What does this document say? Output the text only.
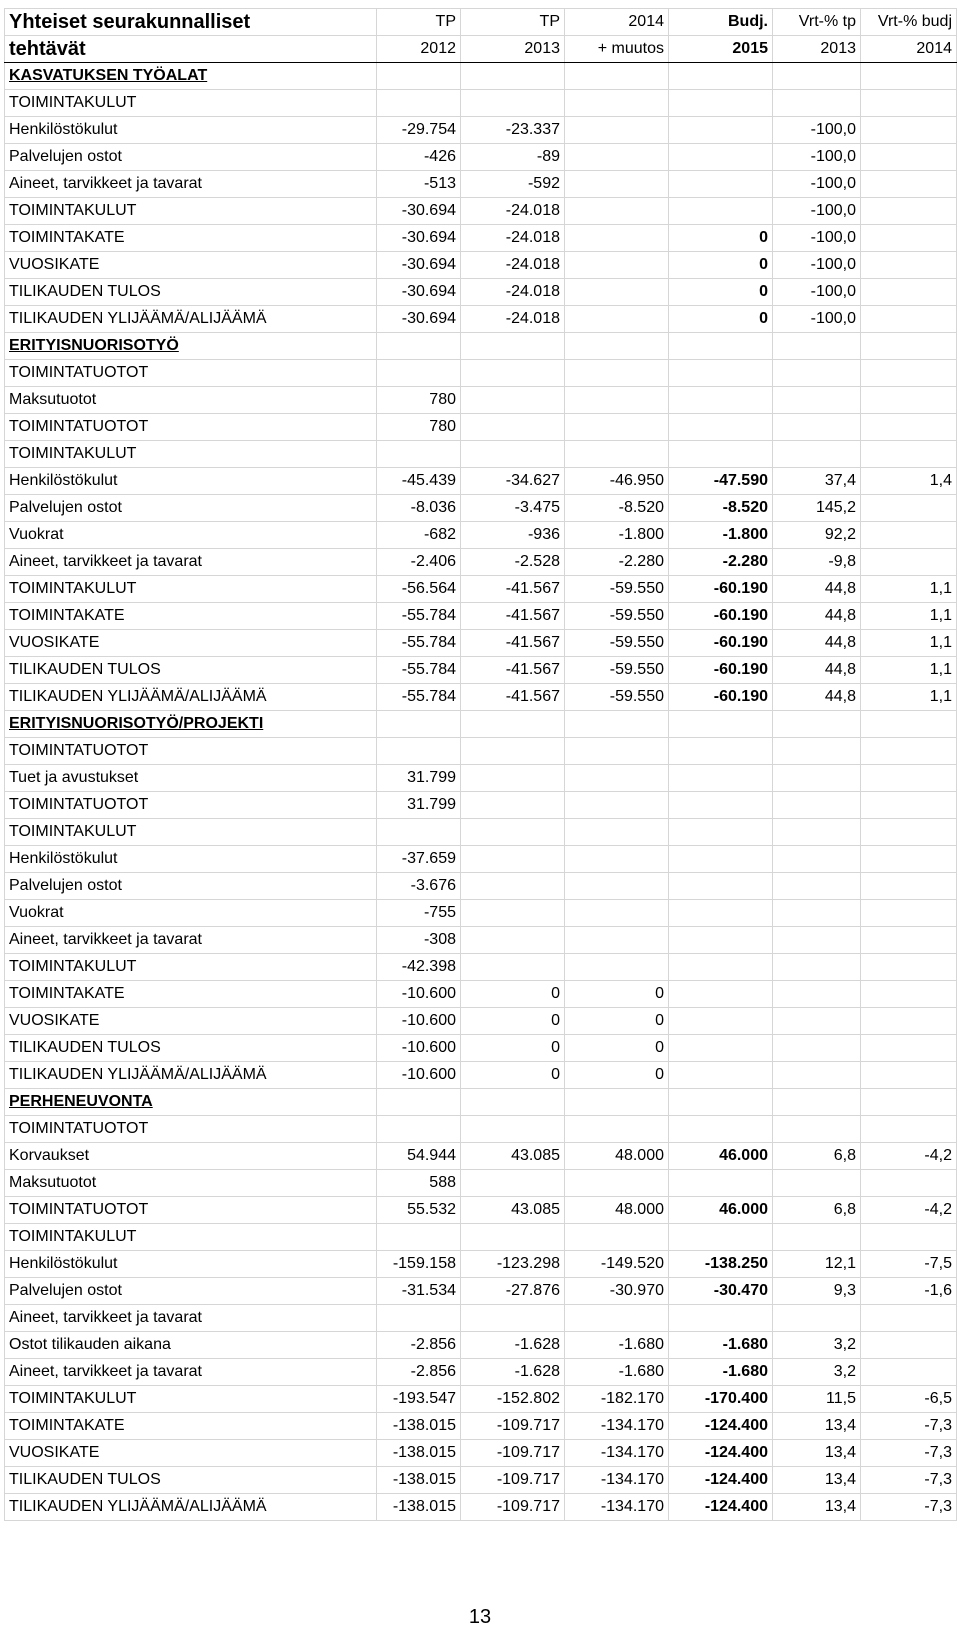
Yhteiset seurakunnalliset	TP	TP	2014	Budj.	Vrt-% tp	Vrt-% budj
tehtävät	2012	2013	+ muutos	2015	2013	2014
KASVATUKSEN TYÖALAT						
TOIMINTAKULUT						
Henkilöstökulut	-29.754	-23.337			-100,0	
Palvelujen ostot	-426	-89			-100,0	
Aineet, tarvikkeet ja tavarat	-513	-592			-100,0	
TOIMINTAKULUT	-30.694	-24.018			-100,0	
TOIMINTAKATE	-30.694	-24.018		0	-100,0	
VUOSIKATE	-30.694	-24.018		0	-100,0	
TILIKAUDEN TULOS	-30.694	-24.018		0	-100,0	
TILIKAUDEN YLIJÄÄMÄ/ALIJÄÄMÄ	-30.694	-24.018		0	-100,0	
ERITYISNUORISOTYÖ						
TOIMINTATUOTOT						
Maksutuotot	780					
TOIMINTATUOTOT	780					
TOIMINTAKULUT						
Henkilöstökulut	-45.439	-34.627	-46.950	-47.590	37,4	1,4
Palvelujen ostot	-8.036	-3.475	-8.520	-8.520	145,2	
Vuokrat	-682	-936	-1.800	-1.800	92,2	
Aineet, tarvikkeet ja tavarat	-2.406	-2.528	-2.280	-2.280	-9,8	
TOIMINTAKULUT	-56.564	-41.567	-59.550	-60.190	44,8	1,1
TOIMINTAKATE	-55.784	-41.567	-59.550	-60.190	44,8	1,1
VUOSIKATE	-55.784	-41.567	-59.550	-60.190	44,8	1,1
TILIKAUDEN TULOS	-55.784	-41.567	-59.550	-60.190	44,8	1,1
TILIKAUDEN YLIJÄÄMÄ/ALIJÄÄMÄ	-55.784	-41.567	-59.550	-60.190	44,8	1,1
ERITYISNUORISOTYÖ/PROJEKTI						
TOIMINTATUOTOT						
Tuet ja avustukset	31.799					
TOIMINTATUOTOT	31.799					
TOIMINTAKULUT						
Henkilöstökulut	-37.659					
Palvelujen ostot	-3.676					
Vuokrat	-755					
Aineet, tarvikkeet ja tavarat	-308					
TOIMINTAKULUT	-42.398					
TOIMINTAKATE	-10.600	0	0			
VUOSIKATE	-10.600	0	0			
TILIKAUDEN TULOS	-10.600	0	0			
TILIKAUDEN YLIJÄÄMÄ/ALIJÄÄMÄ	-10.600	0	0			
PERHENEUVONTA						
TOIMINTATUOTOT						
Korvaukset	54.944	43.085	48.000	46.000	6,8	-4,2
Maksutuotot	588					
TOIMINTATUOTOT	55.532	43.085	48.000	46.000	6,8	-4,2
TOIMINTAKULUT						
Henkilöstökulut	-159.158	-123.298	-149.520	-138.250	12,1	-7,5
Palvelujen ostot	-31.534	-27.876	-30.970	-30.470	9,3	-1,6
Aineet, tarvikkeet ja tavarat						
Ostot tilikauden aikana	-2.856	-1.628	-1.680	-1.680	3,2	
Aineet, tarvikkeet ja tavarat	-2.856	-1.628	-1.680	-1.680	3,2	
TOIMINTAKULUT	-193.547	-152.802	-182.170	-170.400	11,5	-6,5
TOIMINTAKATE	-138.015	-109.717	-134.170	-124.400	13,4	-7,3
VUOSIKATE	-138.015	-109.717	-134.170	-124.400	13,4	-7,3
TILIKAUDEN TULOS	-138.015	-109.717	-134.170	-124.400	13,4	-7,3
TILIKAUDEN YLIJÄÄMÄ/ALIJÄÄMÄ	-138.015	-109.717	-134.170	-124.400	13,4	-7,3
13
